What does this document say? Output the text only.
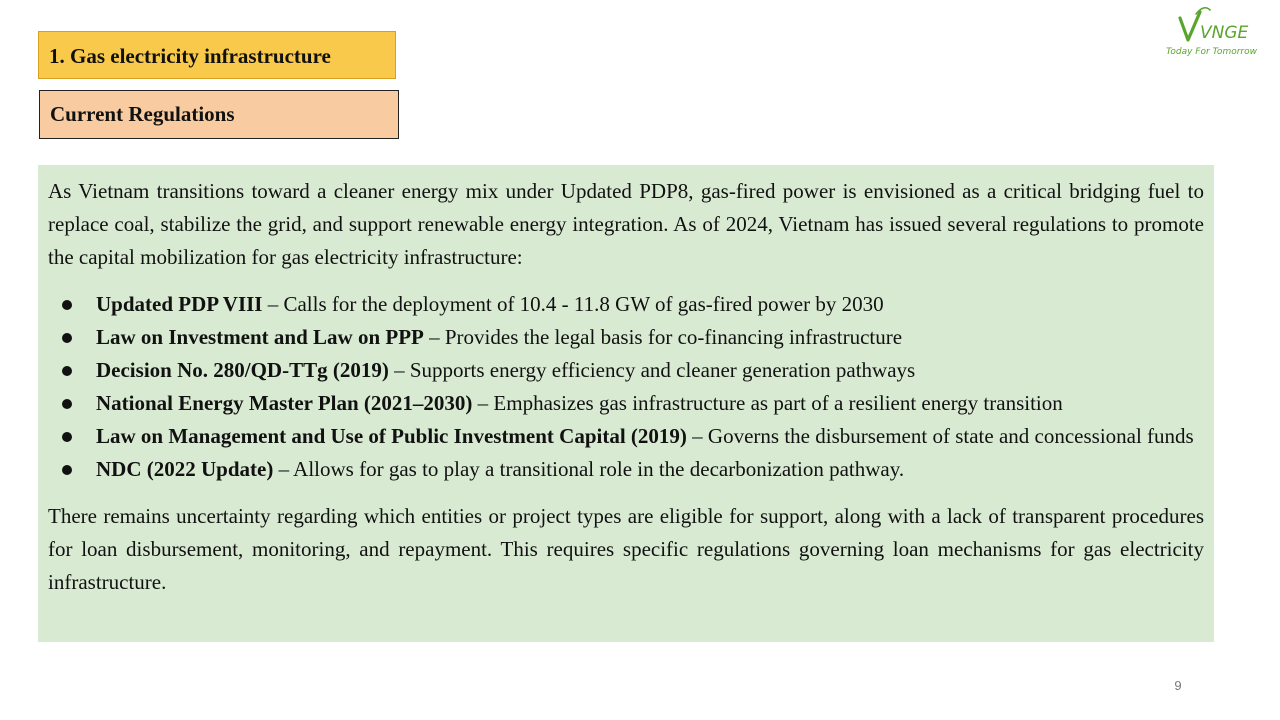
1. Gas electricity infrastructure
Current Regulations
VNGE
Today For Tomorrow

As Vietnam transitions toward a cleaner energy mix under Updated PDP8, gas-fired power is envisioned as a critical bridging fuel to replace coal, stabilize the grid, and support renewable energy integration. As of 2024, Vietnam has issued several regulations to promote the capital mobilization for gas electricity infrastructure:

Updated PDP VIII – Calls for the deployment of 10.4 - 11.8 GW of gas-fired power by 2030
Law on Investment and Law on PPP – Provides the legal basis for co-financing infrastructure
Decision No. 280/QD-TTg (2019) – Supports energy efficiency and cleaner generation pathways
National Energy Master Plan (2021–2030) – Emphasizes gas infrastructure as part of a resilient energy transition
Law on Management and Use of Public Investment Capital (2019) – Governs the disbursement of state and concessional funds
NDC (2022 Update) – Allows for gas to play a transitional role in the decarbonization pathway.

There remains uncertainty regarding which entities or project types are eligible for support, along with a lack of transparent procedures for loan disbursement, monitoring, and repayment. This requires specific regulations governing loan mechanisms for gas electricity infrastructure.

9
